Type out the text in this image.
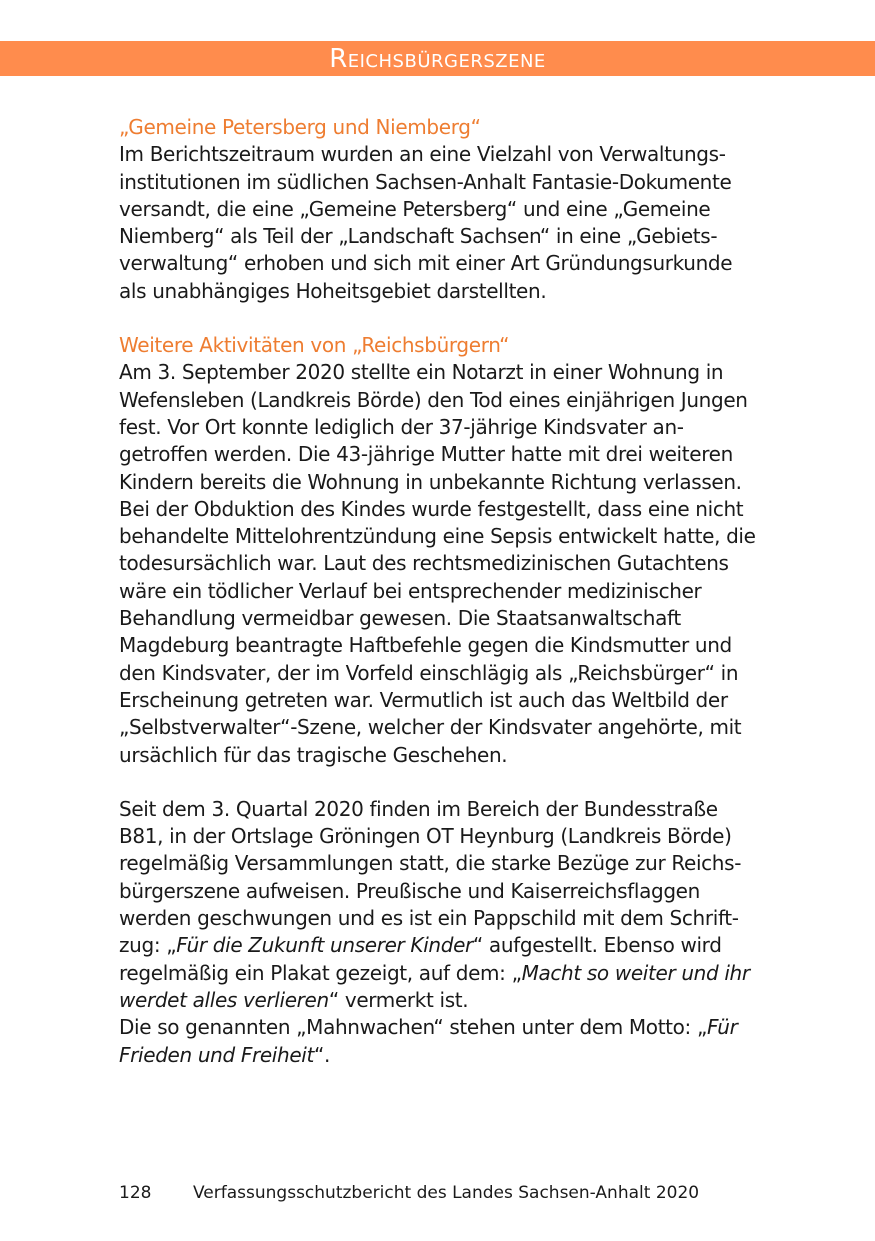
Reichsbürgerszene

„Gemeine Petersberg und Niemberg“

Im Berichtszeitraum wurden an eine Vielzahl von Verwaltungsinstitutionen im südlichen Sachsen-Anhalt Fantasie-Dokumente versandt, die eine „Gemeine Petersberg“ und eine „Gemeine Niemberg“ als Teil der „Landschaft Sachsen“ in eine „Gebietsverwaltung“ erhoben und sich mit einer Art Gründungsurkunde als unabhängiges Hoheitsgebiet darstellten.

Weitere Aktivitäten von „Reichsbürgern“

Am 3. September 2020 stellte ein Notarzt in einer Wohnung in Wefensleben (Landkreis Börde) den Tod eines einjährigen Jungen fest. Vor Ort konnte lediglich der 37-jährige Kindsvater angetroffen werden. Die 43-jährige Mutter hatte mit drei weiteren Kindern bereits die Wohnung in unbekannte Richtung verlassen. Bei der Obduktion des Kindes wurde festgestellt, dass eine nicht behandelte Mittelohrentzündung eine Sepsis entwickelt hatte, die todesursächlich war. Laut des rechtsmedizinischen Gutachtens wäre ein tödlicher Verlauf bei entsprechender medizinischer Behandlung vermeidbar gewesen. Die Staatsanwaltschaft Magdeburg beantragte Haftbefehle gegen die Kindsmutter und den Kindsvater, der im Vorfeld einschlägig als „Reichsbürger“ in Erscheinung getreten war. Vermutlich ist auch das Weltbild der „Selbstverwalter“-Szene, welcher der Kindsvater angehörte, mit ursächlich für das tragische Geschehen.

Seit dem 3. Quartal 2020 finden im Bereich der Bundesstraße B81, in der Ortslage Gröningen OT Heynburg (Landkreis Börde) regelmäßig Versammlungen statt, die starke Bezüge zur Reichsbürgerszene aufweisen. Preußische und Kaiserreichsflaggen werden geschwungen und es ist ein Pappschild mit dem Schriftzug: „Für die Zukunft unserer Kinder“ aufgestellt. Ebenso wird regelmäßig ein Plakat gezeigt, auf dem: „Macht so weiter und ihr werdet alles verlieren“ vermerkt ist.

Die so genannten „Mahnwachen“ stehen unter dem Motto: „Für Frieden und Freiheit“.

128 Verfassungsschutzbericht des Landes Sachsen-Anhalt 2020
